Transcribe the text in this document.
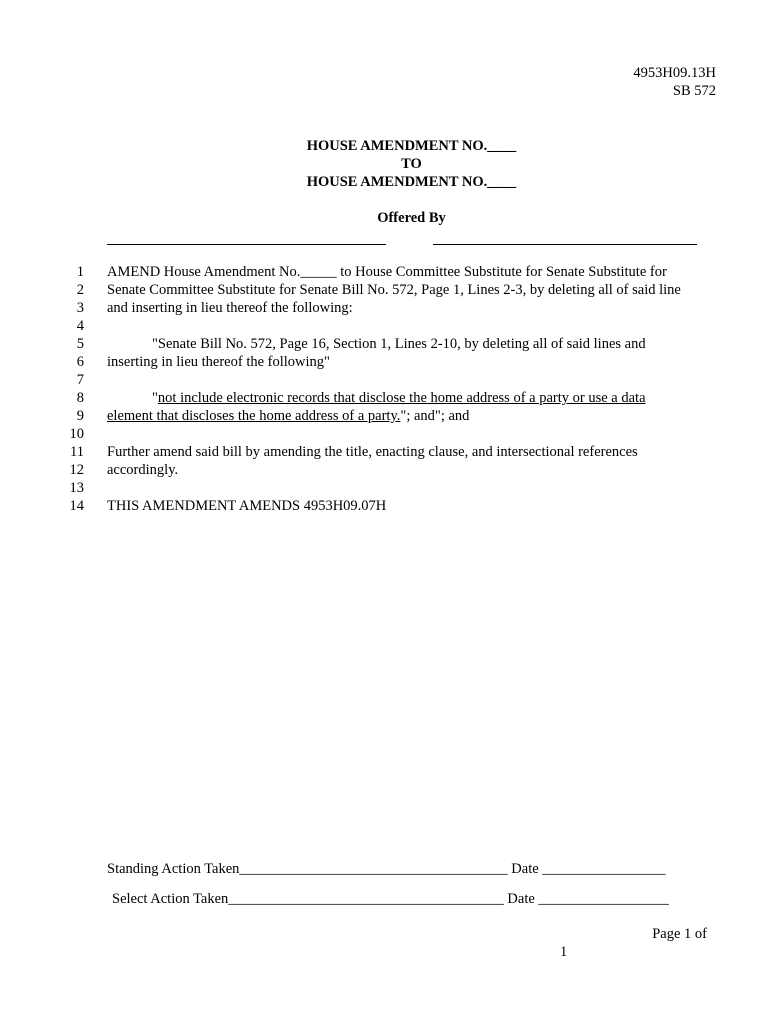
4953H09.13H
SB 572
HOUSE AMENDMENT NO.____
TO
HOUSE AMENDMENT NO.____
Offered By
1 AMEND House Amendment No._____ to House Committee Substitute for Senate Substitute for
2 Senate Committee Substitute for Senate Bill No. 572, Page 1, Lines 2-3, by deleting all of said line
3 and inserting in lieu thereof the following:
4
5	"Senate Bill No. 572, Page 16, Section 1, Lines 2-10, by deleting all of said lines and
6 inserting in lieu thereof the following"
7
8	"not include electronic records that disclose the home address of a party or use a data
9 element that discloses the home address of a party."; and"; and
10
11 Further amend said bill by amending the title, enacting clause, and intersectional references
12 accordingly.
13
14 THIS AMENDMENT AMENDS 4953H09.07H
Standing Action Taken_____________________________________ Date _________________
Select Action Taken______________________________________ Date __________________
Page 1 of
1
